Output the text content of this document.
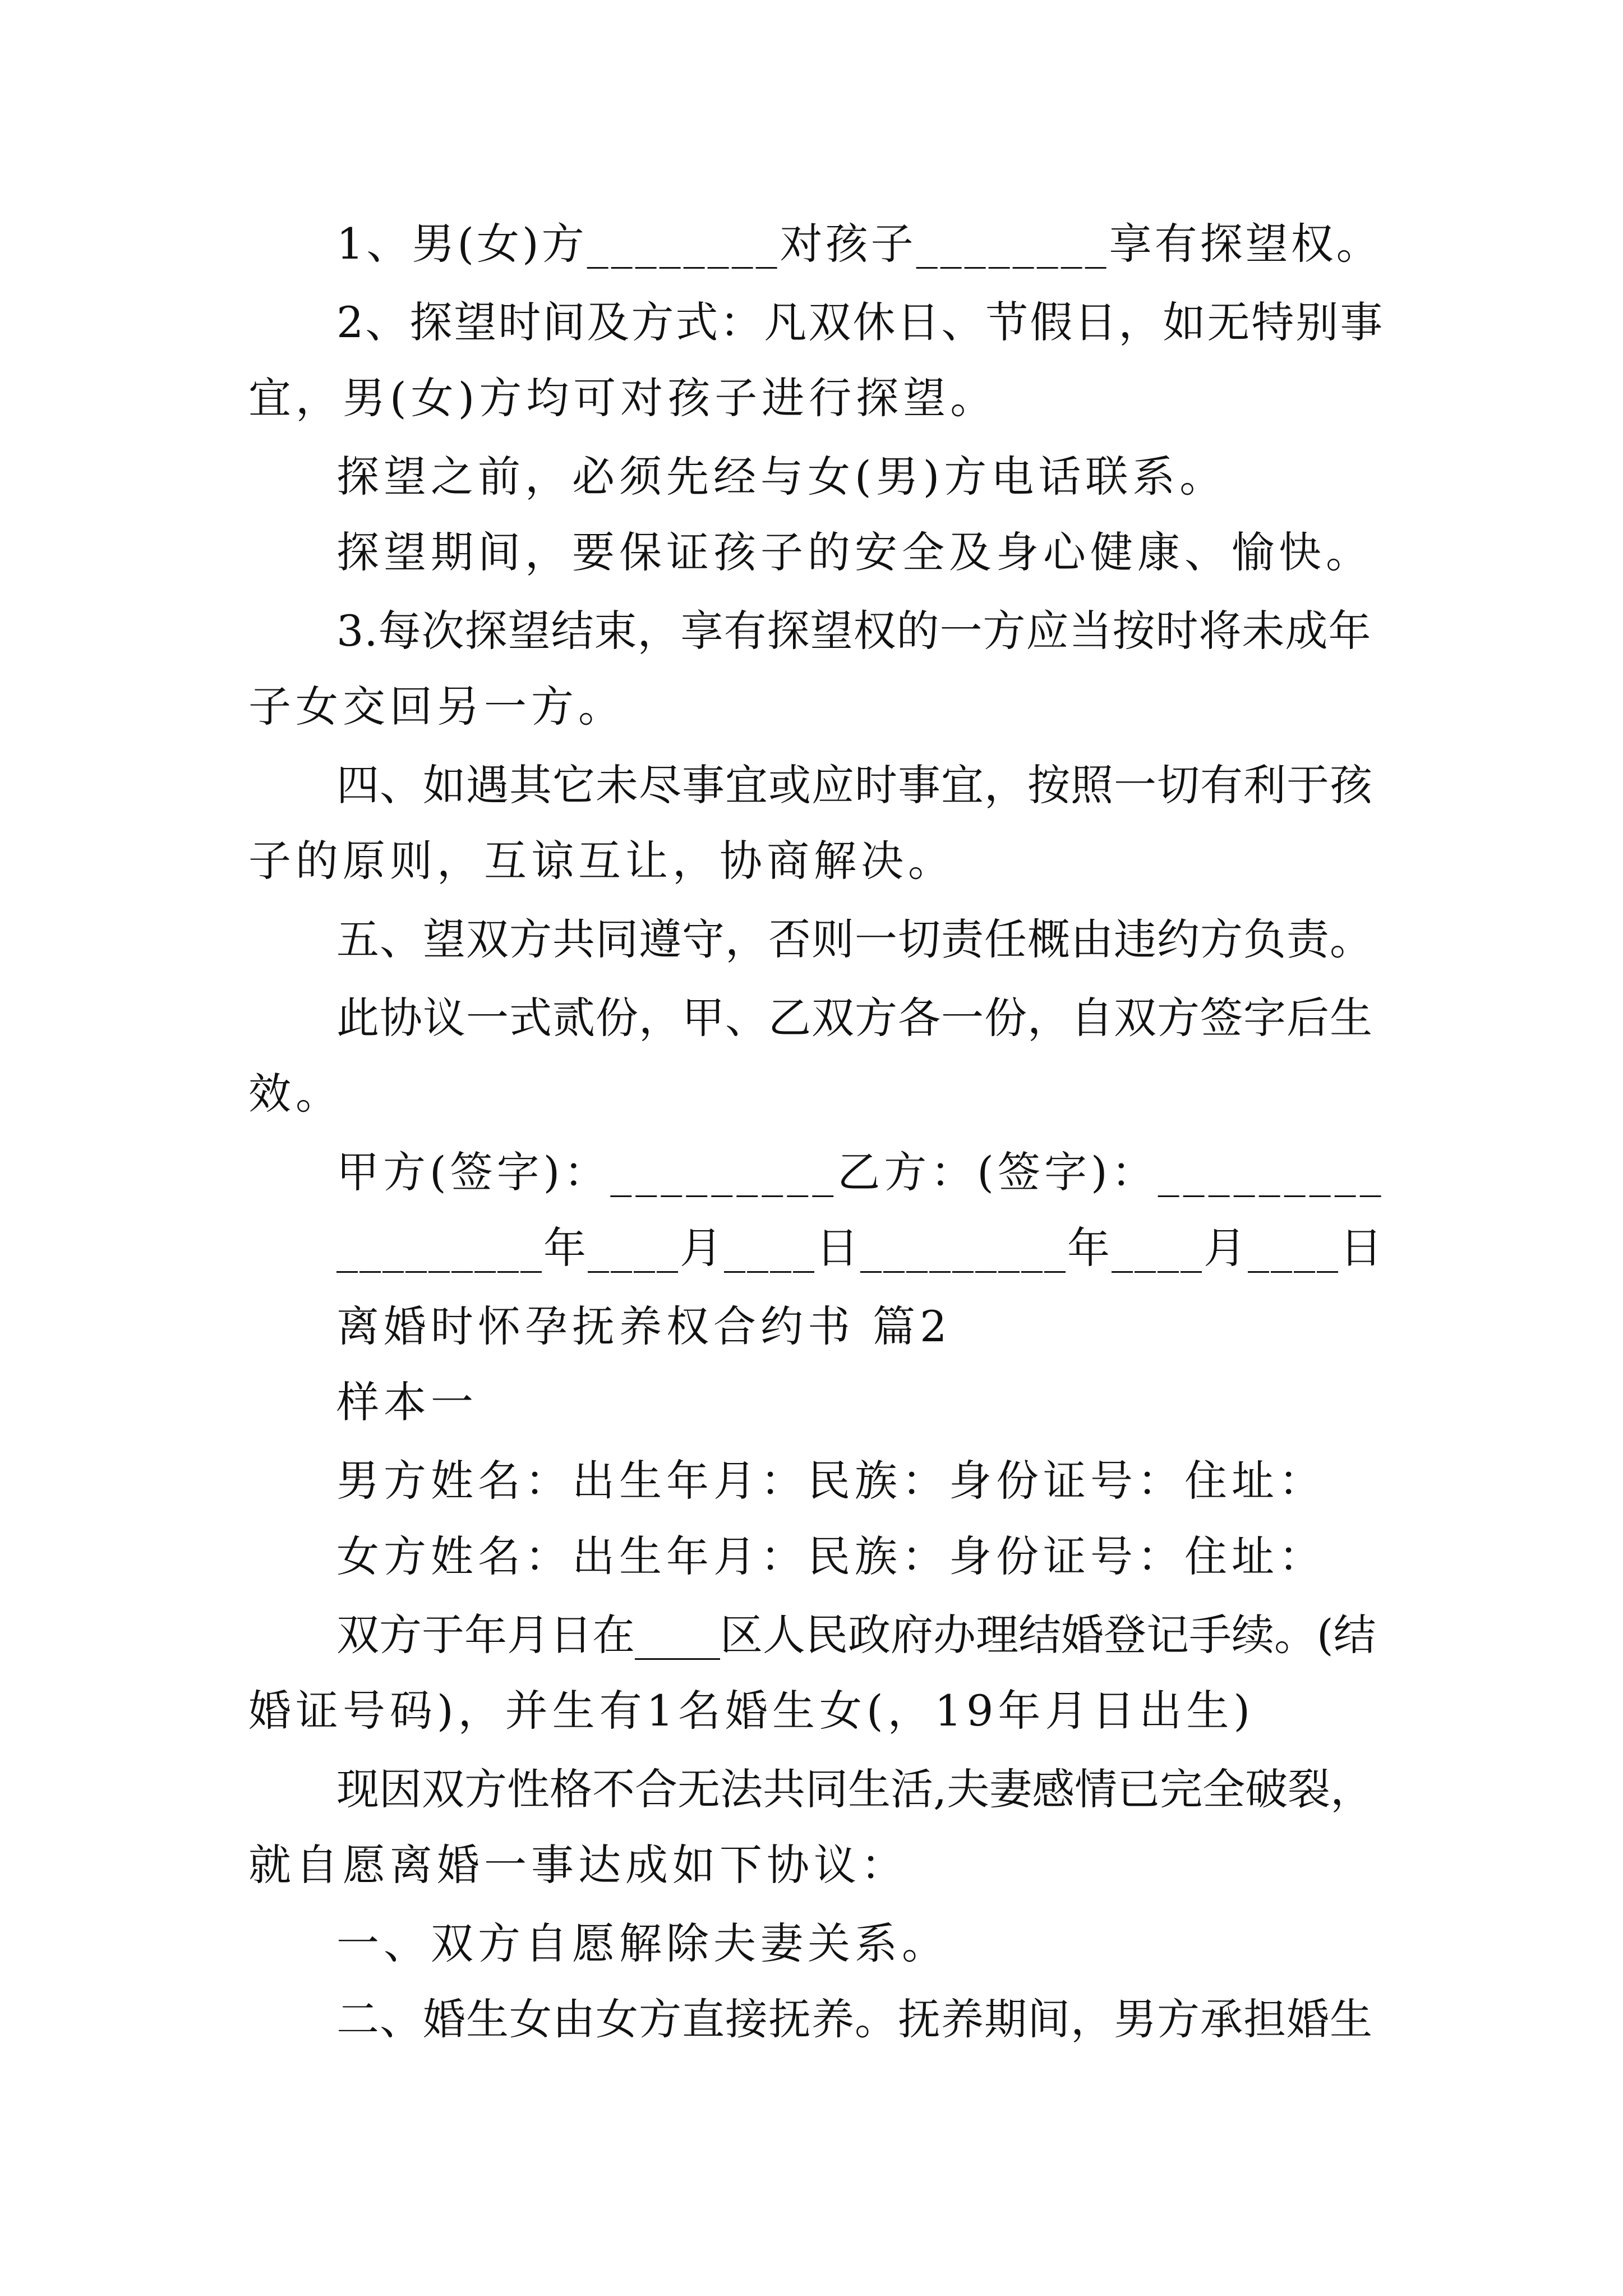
1、男(女)方________对孩子________享有探望权。

2、探望时间及方式：凡双休日、节假日，如无特别事

宜，男(女)方均可对孩子进行探望。

探望之前，必须先经与女(男)方电话联系。

探望期间，要保证孩子的安全及身心健康、愉快。

3.每次探望结束，享有探望权的一方应当按时将未成年

子女交回另一方。

四、如遇其它未尽事宜或应时事宜，按照一切有利于孩

子的原则，互谅互让，协商解决。

五、望双方共同遵守，否则一切责任概由违约方负责。

此协议一式贰份，甲、乙双方各一份，自双方签字后生

效。

甲方(签字)：_________乙方：(签字)：_________

_________年____月____日_________年____月____日

离婚时怀孕抚养权合约书 篇2

样本一

男方姓名：出生年月：民族：身份证号：住址：

女方姓名：出生年月：民族：身份证号：住址：

双方于年月日在____区人民政府办理结婚登记手续。(结

婚证号码)，并生有1名婚生女(，19年月日出生)

现因双方性格不合无法共同生活,夫妻感情已完全破裂，

就自愿离婚一事达成如下协议：

一、双方自愿解除夫妻关系。

二、婚生女由女方直接抚养。抚养期间，男方承担婚生
